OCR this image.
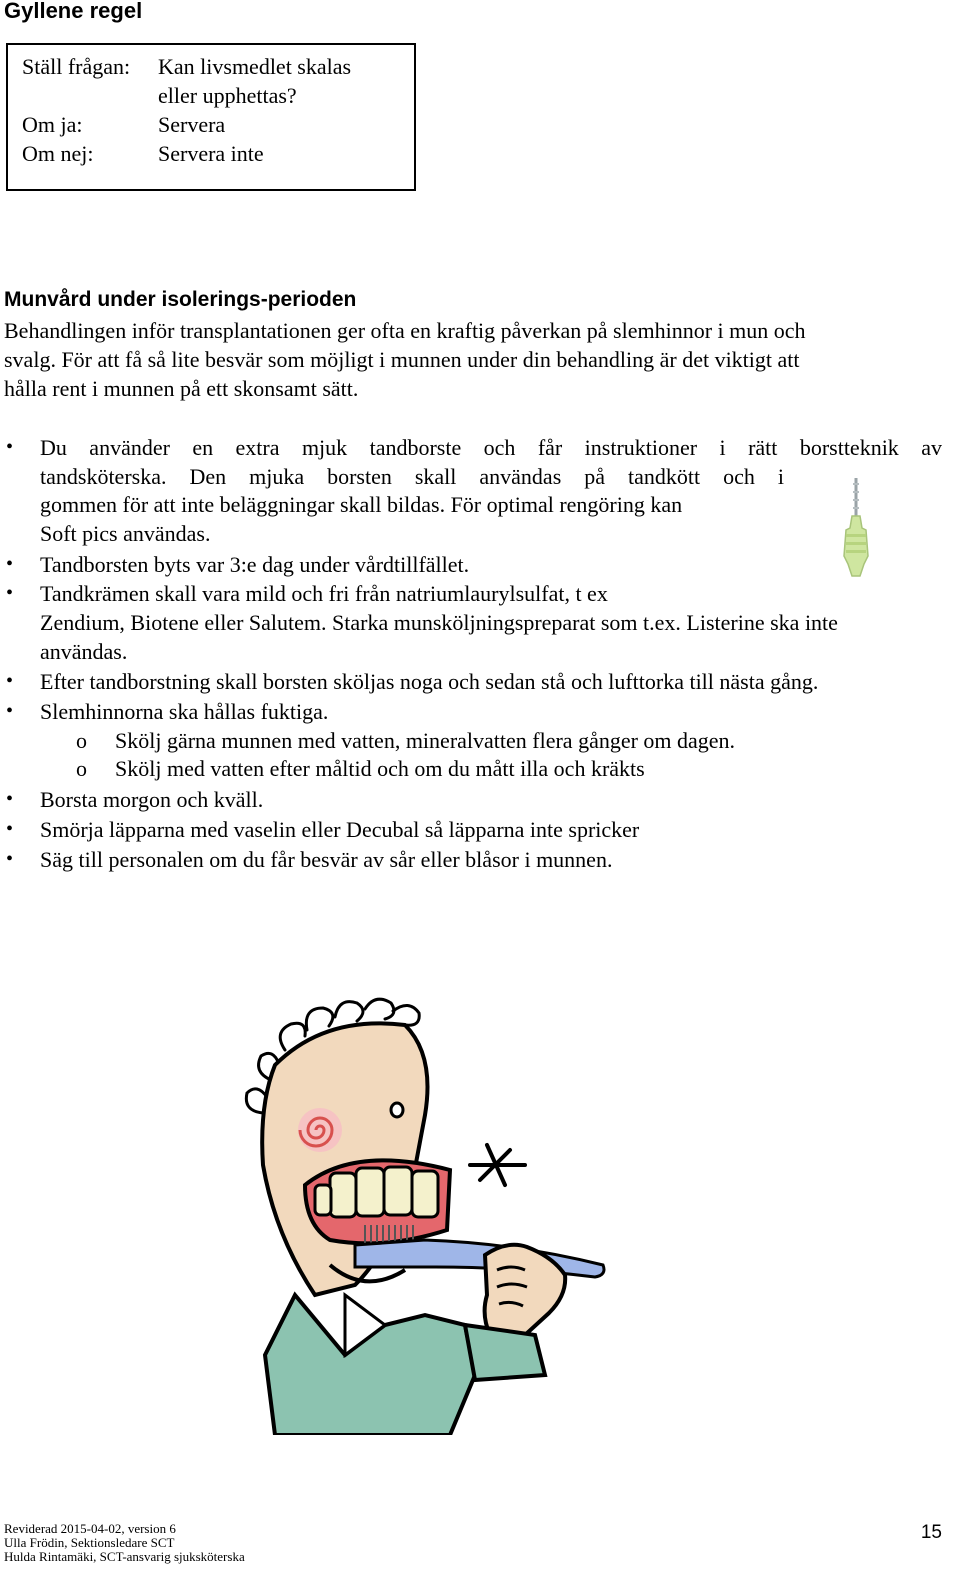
Gyllene regel
Ställ frågan: Kan livsmedlet skalas
eller upphettas?
Om ja:	Servera
Om nej:	Servera inte
Munvård under isolerings-perioden
Behandlingen inför transplantationen ger ofta en kraftig påverkan på slemhinnor i mun och
svalg. För att få så lite besvär som möjligt i munnen under din behandling är det viktigt att
hålla rent i munnen på ett skonsamt sätt.
• Du använder en extra mjuk tandborste och får instruktioner i rätt borstteknik av
tandsköterska. Den mjuka borsten skall användas på tandkött och i
gommen för att inte beläggningar skall bildas. För optimal rengöring kan
Soft pics användas.
• Tandborsten byts var 3:e dag under vårdtillfället.
• Tandkrämen skall vara mild och fri från natriumlaurylsulfat, t ex
Zendium, Biotene eller Salutem. Starka munsköljningspreparat som t.ex. Listerine ska inte
användas.
• Efter tandborstning skall borsten sköljas noga och sedan stå och lufttorka till nästa gång.
• Slemhinnorna ska hållas fuktiga.
o Skölj gärna munnen med vatten, mineralvatten flera gånger om dagen.
o Skölj med vatten efter måltid och om du mått illa och kräkts
• Borsta morgon och kväll.
• Smörja läpparna med vaselin eller Decubal så läpparna inte spricker
• Säg till personalen om du får besvär av sår eller blåsor i munnen.
Reviderad 2015-04-02, version 6
Ulla Frödin, Sektionsledare SCT
Hulda Rintamäki, SCT-ansvarig sjuksköterska
15
